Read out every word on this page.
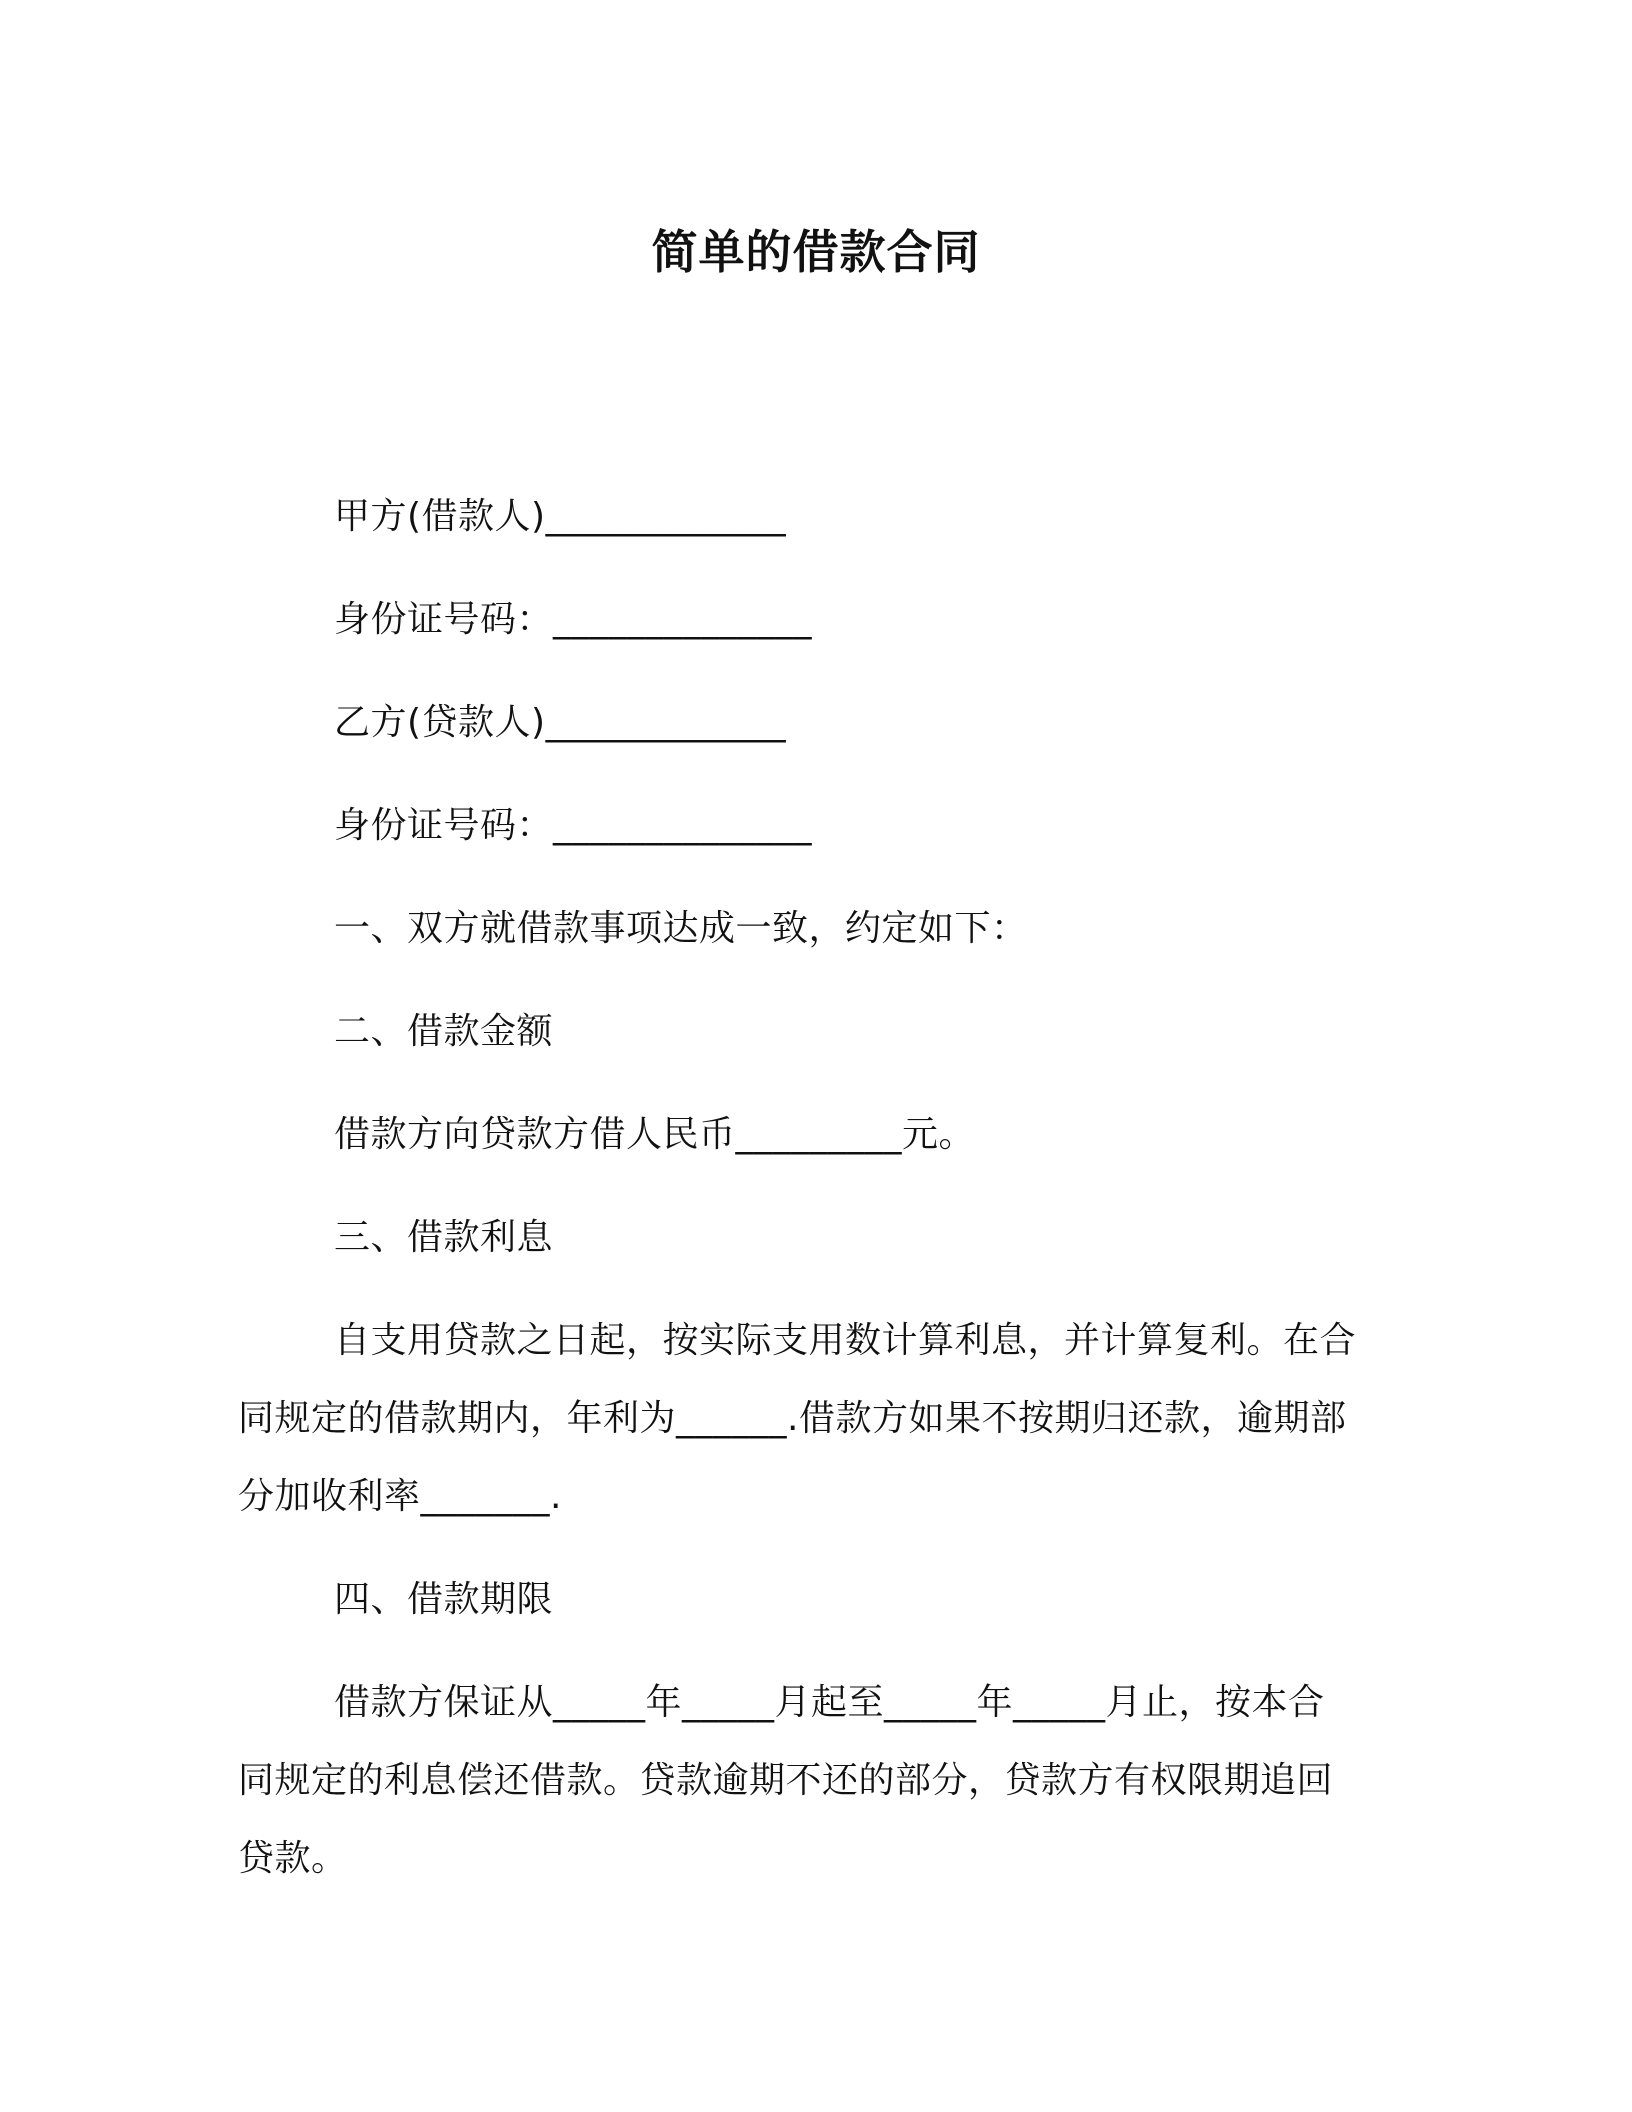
简单的借款合同
甲方(借款人)_____________
身份证号码：______________
乙方(贷款人)_____________
身份证号码：______________
一、双方就借款事项达成一致，约定如下：
二、借款金额
借款方向贷款方借人民币_________元。
三、借款利息
自支用贷款之日起，按实际支用数计算利息，并计算复利。在合
同规定的借款期内，年利为______.借款方如果不按期归还款，逾期部
分加收利率_______.
四、借款期限
借款方保证从_____年_____月起至_____年_____月止，按本合
同规定的利息偿还借款。贷款逾期不还的部分，贷款方有权限期追回
贷款。
